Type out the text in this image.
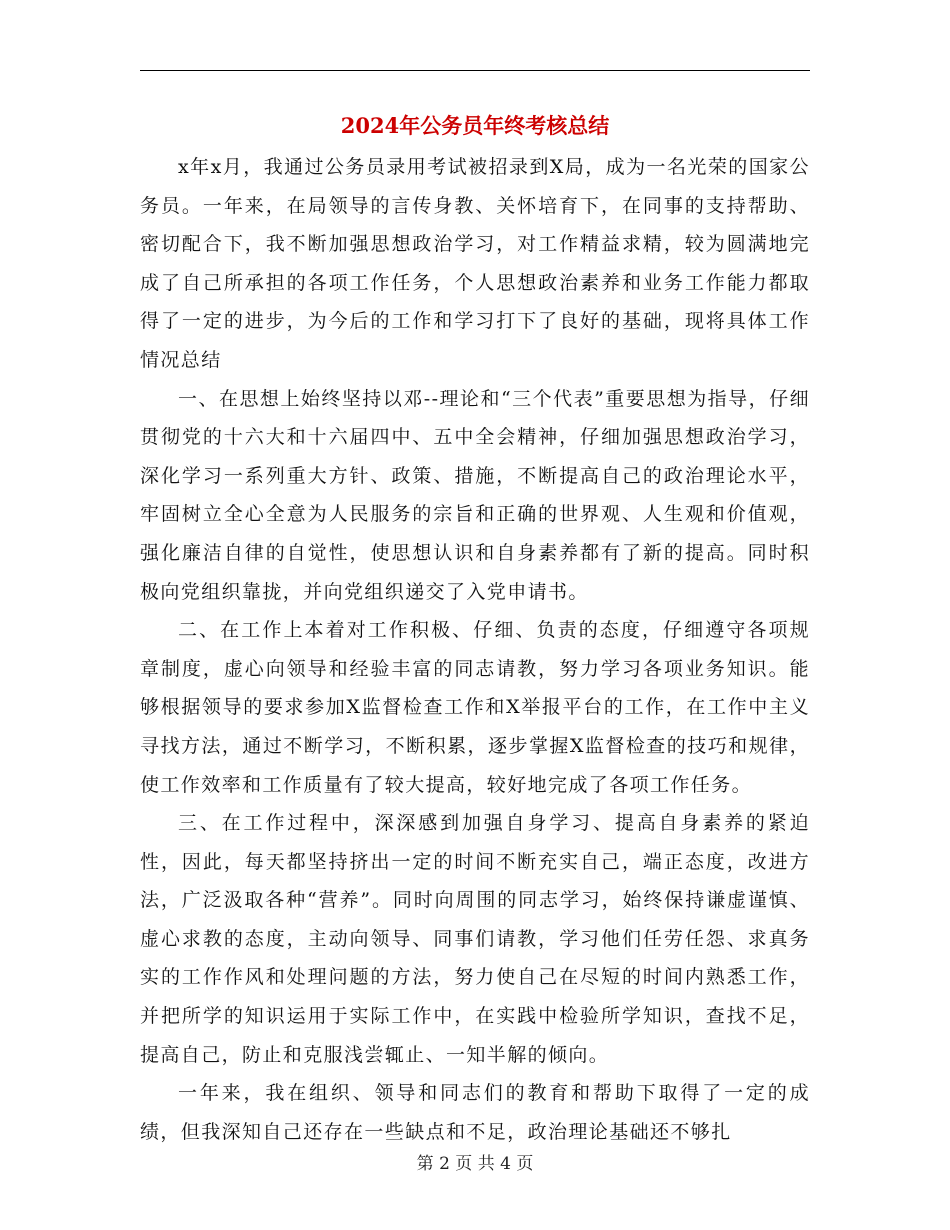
2024年公务员年终考核总结

x年x月，我通过公务员录用考试被招录到X局，成为一名光荣的国家公务员。一年来，在局领导的言传身教、关怀培育下，在同事的支持帮助、密切配合下，我不断加强思想政治学习，对工作精益求精，较为圆满地完成了自己所承担的各项工作任务，个人思想政治素养和业务工作能力都取得了一定的进步，为今后的工作和学习打下了良好的基础，现将具体工作情况总结

一、在思想上始终坚持以邓--理论和“三个代表”重要思想为指导，仔细贯彻党的十六大和十六届四中、五中全会精神，仔细加强思想政治学习，深化学习一系列重大方针、政策、措施，不断提高自己的政治理论水平，牢固树立全心全意为人民服务的宗旨和正确的世界观、人生观和价值观，强化廉洁自律的自觉性，使思想认识和自身素养都有了新的提高。同时积极向党组织靠拢，并向党组织递交了入党申请书。

二、在工作上本着对工作积极、仔细、负责的态度，仔细遵守各项规章制度，虚心向领导和经验丰富的同志请教，努力学习各项业务知识。能够根据领导的要求参加X监督检查工作和X举报平台的工作，在工作中主义寻找方法，通过不断学习，不断积累，逐步掌握X监督检查的技巧和规律，使工作效率和工作质量有了较大提高，较好地完成了各项工作任务。

三、在工作过程中，深深感到加强自身学习、提高自身素养的紧迫性，因此，每天都坚持挤出一定的时间不断充实自己，端正态度，改进方法，广泛汲取各种“营养”。同时向周围的同志学习，始终保持谦虚谨慎、虚心求教的态度，主动向领导、同事们请教，学习他们任劳任怨、求真务实的工作作风和处理问题的方法，努力使自己在尽短的时间内熟悉工作，并把所学的知识运用于实际工作中，在实践中检验所学知识，查找不足，提高自己，防止和克服浅尝辄止、一知半解的倾向。

一年来，我在组织、领导和同志们的教育和帮助下取得了一定的成绩，但我深知自己还存在一些缺点和不足，政治理论基础还不够扎

第 2 页 共 4 页
